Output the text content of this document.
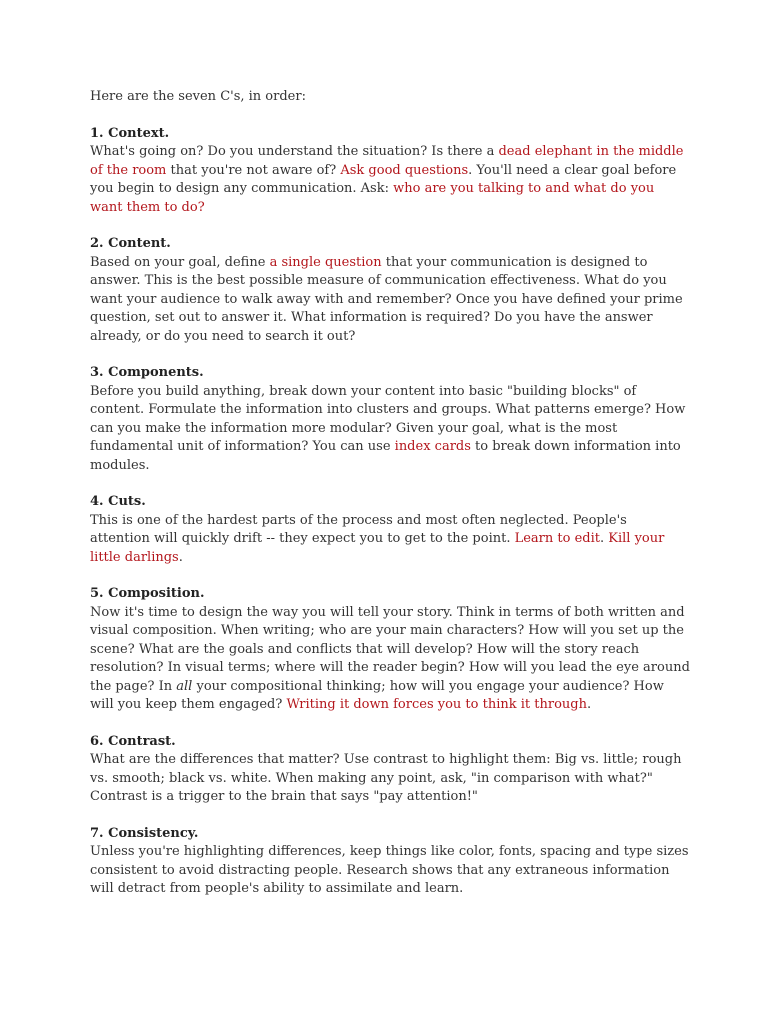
Here are the seven C's, in order:

1. Context.

What's going on? Do you understand the situation? Is there a dead elephant in the middle of the room that you're not aware of? Ask good questions. You'll need a clear goal before you begin to design any communication. Ask: who are you talking to and what do you want them to do?

2. Content.

Based on your goal, define a single question that your communication is designed to answer. This is the best possible measure of communication effectiveness. What do you want your audience to walk away with and remember? Once you have defined your prime question, set out to answer it. What information is required? Do you have the answer already, or do you need to search it out?

3. Components.

Before you build anything, break down your content into basic "building blocks" of content. Formulate the information into clusters and groups. What patterns emerge? How can you make the information more modular? Given your goal, what is the most fundamental unit of information? You can use index cards to break down information into modules.

4. Cuts.

This is one of the hardest parts of the process and most often neglected. People's attention will quickly drift -- they expect you to get to the point. Learn to edit. Kill your little darlings.

5. Composition.

Now it's time to design the way you will tell your story. Think in terms of both written and visual composition. When writing; who are your main characters? How will you set up the scene? What are the goals and conflicts that will develop? How will the story reach resolution? In visual terms; where will the reader begin? How will you lead the eye around the page? In all your compositional thinking; how will you engage your audience? How will you keep them engaged? Writing it down forces you to think it through.

6. Contrast.

What are the differences that matter? Use contrast to highlight them: Big vs. little; rough vs. smooth; black vs. white. When making any point, ask, "in comparison with what?" Contrast is a trigger to the brain that says "pay attention!"

7. Consistency.

Unless you're highlighting differences, keep things like color, fonts, spacing and type sizes consistent to avoid distracting people. Research shows that any extraneous information will detract from people's ability to assimilate and learn.
